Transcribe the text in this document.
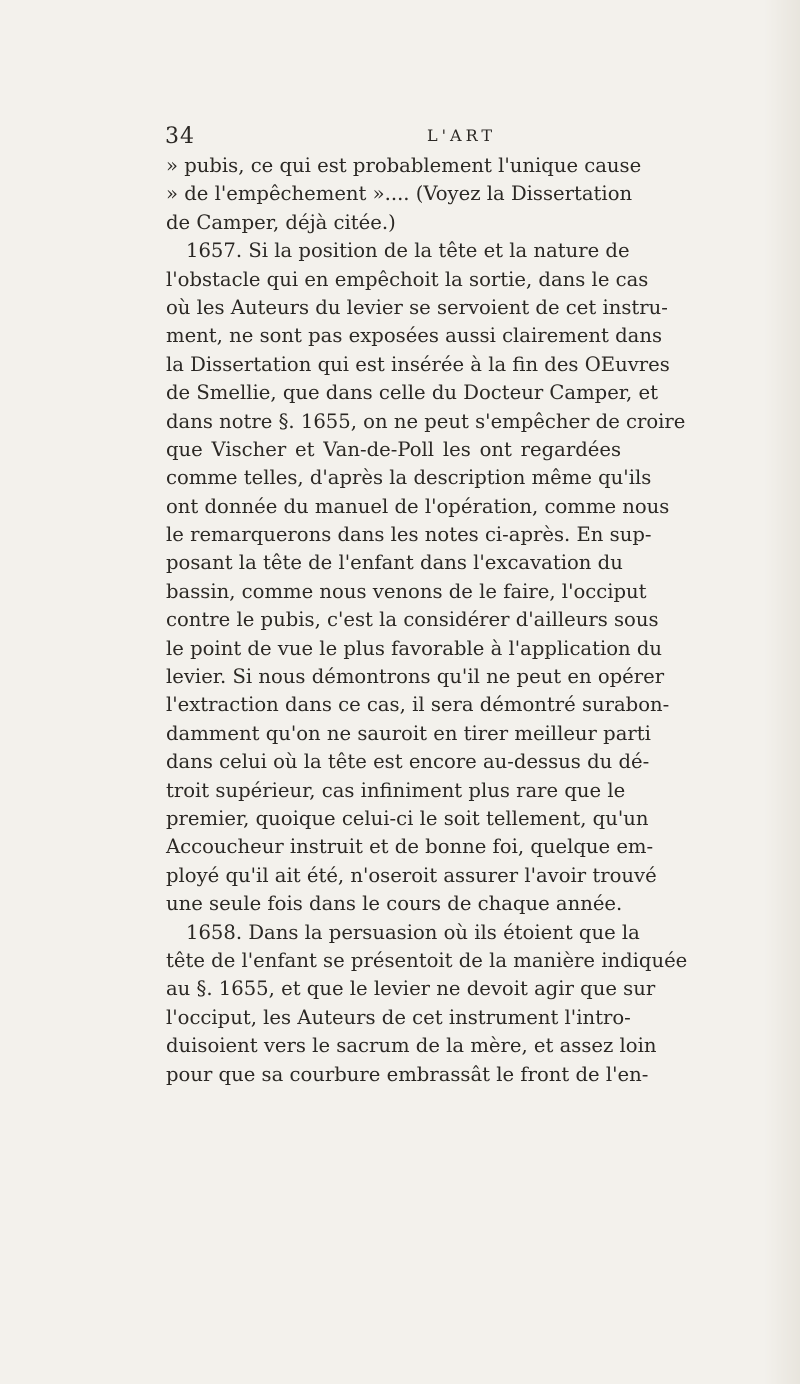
34	L'ART
» pubis, ce qui est probablement l'unique cause
» de l'empêchement ».... (Voyez la Dissertation
de Camper, déjà citée.)
1657. Si la position de la tête et la nature de
l'obstacle qui en empêchoit la sortie, dans le cas
où les Auteurs du levier se servoient de cet instru-
ment, ne sont pas exposées aussi clairement dans
la Dissertation qui est insérée à la fin des OEuvres
de Smellie, que dans celle du Docteur Camper, et
dans notre §. 1655, on ne peut s'empêcher de croire
que Vischer et Van-de-Poll les ont regardées
comme telles, d'après la description même qu'ils
ont donnée du manuel de l'opération, comme nous
le remarquerons dans les notes ci-après. En sup-
posant la tête de l'enfant dans l'excavation du
bassin, comme nous venons de le faire, l'occiput
contre le pubis, c'est la considérer d'ailleurs sous
le point de vue le plus favorable à l'application du
levier. Si nous démontrons qu'il ne peut en opérer
l'extraction dans ce cas, il sera démontré surabon-
damment qu'on ne sauroit en tirer meilleur parti
dans celui où la tête est encore au-dessus du dé-
troit supérieur, cas infiniment plus rare que le
premier, quoique celui-ci le soit tellement, qu'un
Accoucheur instruit et de bonne foi, quelque em-
ployé qu'il ait été, n'oseroit assurer l'avoir trouvé
une seule fois dans le cours de chaque année.
1658. Dans la persuasion où ils étoient que la
tête de l'enfant se présentoit de la manière indiquée
au §. 1655, et que le levier ne devoit agir que sur
l'occiput, les Auteurs de cet instrument l'intro-
duisoient vers le sacrum de la mère, et assez loin
pour que sa courbure embrassât le front de l'en-
